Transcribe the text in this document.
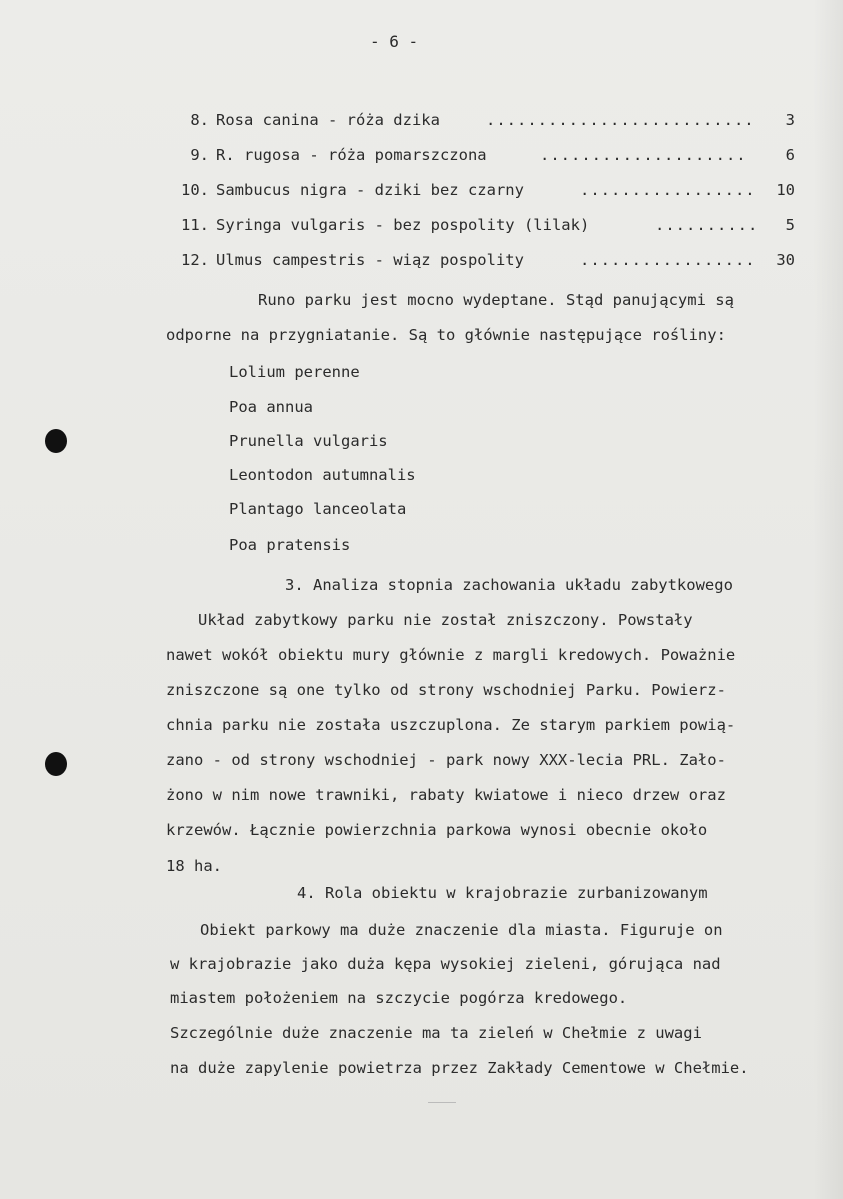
- 6 -
8. Rosa canina - róża dzika	.......................... 3
9. R. rugosa - róża pomarszczona	....................	6
10. Sambucus nigra - dziki bez czarny	................. 10
11. Syringa vulgaris - bez pospolity (lilak)	.......... 5
12. Ulmus campestris - wiąz pospolity	................. 30
Runo parku jest mocno wydeptane. Stąd panującymi są
odporne na przygniatanie. Są to głównie następujące rośliny:
Lolium perenne
Poa annua
Prunella vulgaris
Leontodon autumnalis
Plantago lanceolata
Poa pratensis
3. Analiza stopnia zachowania układu zabytkowego
Układ zabytkowy parku nie został zniszczony. Powstały
nawet wokół obiektu mury głównie z margli kredowych. Poważnie
zniszczone są one tylko od strony wschodniej Parku. Powierz-
chnia parku nie została uszczuplona. Ze starym parkiem powią-
zano - od strony wschodniej - park nowy XXX-lecia PRL. Zało-
żono w nim nowe trawniki, rabaty kwiatowe i nieco drzew oraz
krzewów. Łącznie powierzchnia parkowa wynosi obecnie około
18 ha.
4. Rola obiektu w krajobrazie zurbanizowanym
Obiekt parkowy ma duże znaczenie dla miasta. Figuruje on
w krajobrazie jako duża kępa wysokiej zieleni, górująca nad
miastem położeniem na szczycie pogórza kredowego.
Szczególnie duże znaczenie ma ta zieleń w Chełmie z uwagi
na duże zapylenie powietrza przez Zakłady Cementowe w Chełmie.
